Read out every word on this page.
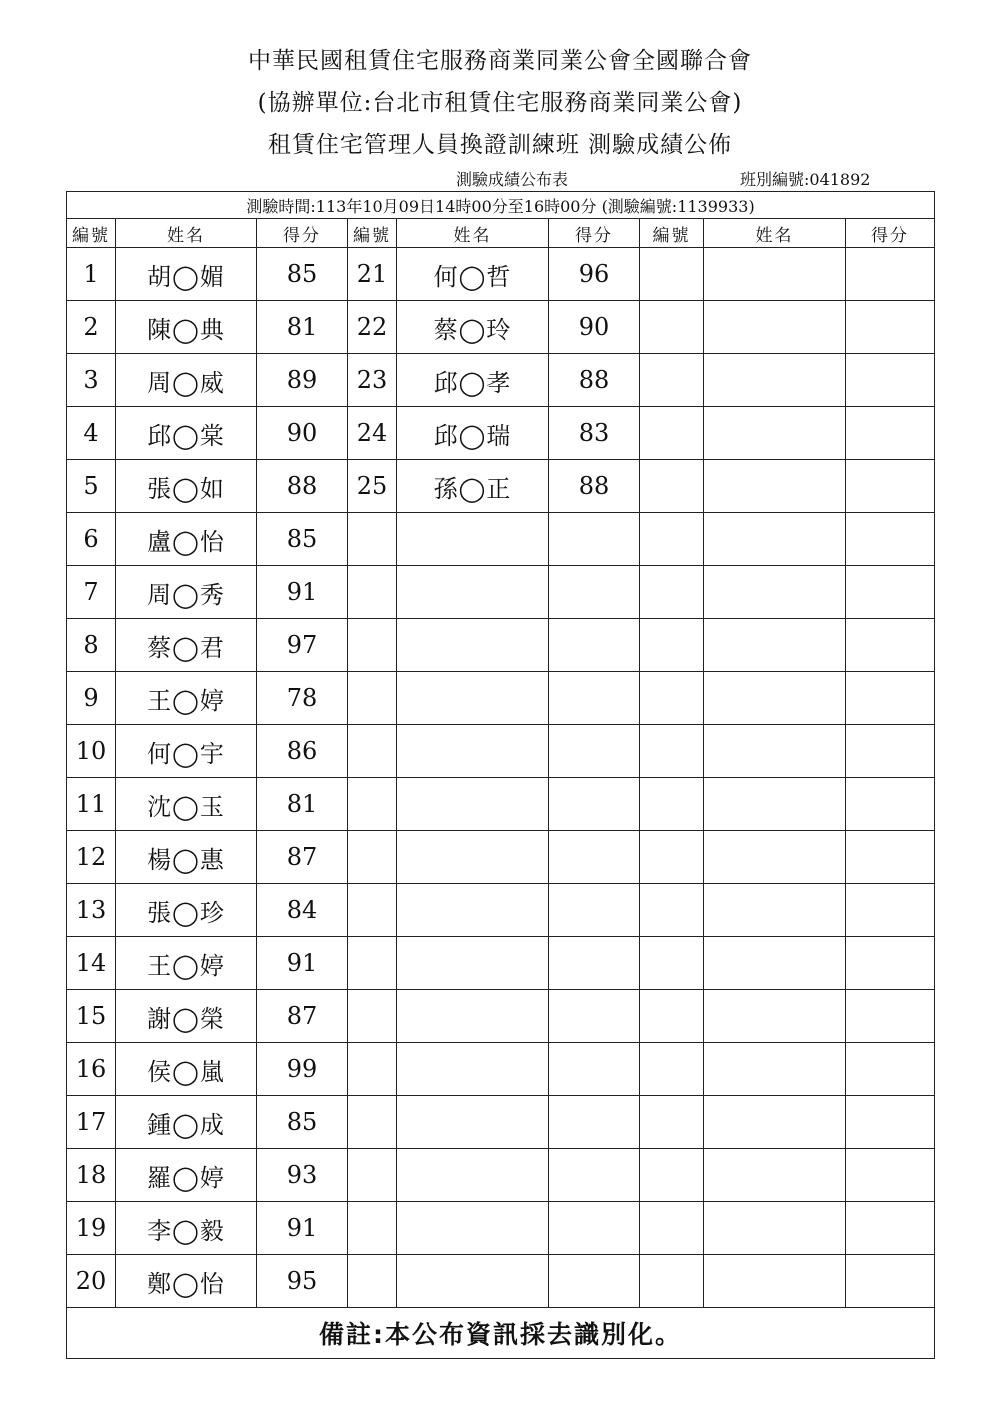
中華民國租賃住宅服務商業同業公會全國聯合會
(協辦單位:台北市租賃住宅服務商業同業公會)
租賃住宅管理人員換證訓練班 測驗成績公佈
測驗成績公布表	班別編號:041892
測驗時間:113年10月09日14時00分至16時00分 (測驗編號:1139933)								
編號	姓名	得分	編號	姓名	得分	編號	姓名	得分
1	胡◯媚	85	21	何◯哲	96			
2	陳◯典	81	22	蔡◯玲	90			
3	周◯威	89	23	邱◯孝	88			
4	邱◯棠	90	24	邱◯瑞	83			
5	張◯如	88	25	孫◯正	88			
6	盧◯怡	85						
7	周◯秀	91						
8	蔡◯君	97						
9	王◯婷	78						
10	何◯宇	86						
11	沈◯玉	81						
12	楊◯惠	87						
13	張◯珍	84						
14	王◯婷	91						
15	謝◯榮	87						
16	侯◯嵐	99						
17	鍾◯成	85						
18	羅◯婷	93						
19	李◯毅	91						
20	鄭◯怡	95						
備註:本公布資訊採去識別化。								
